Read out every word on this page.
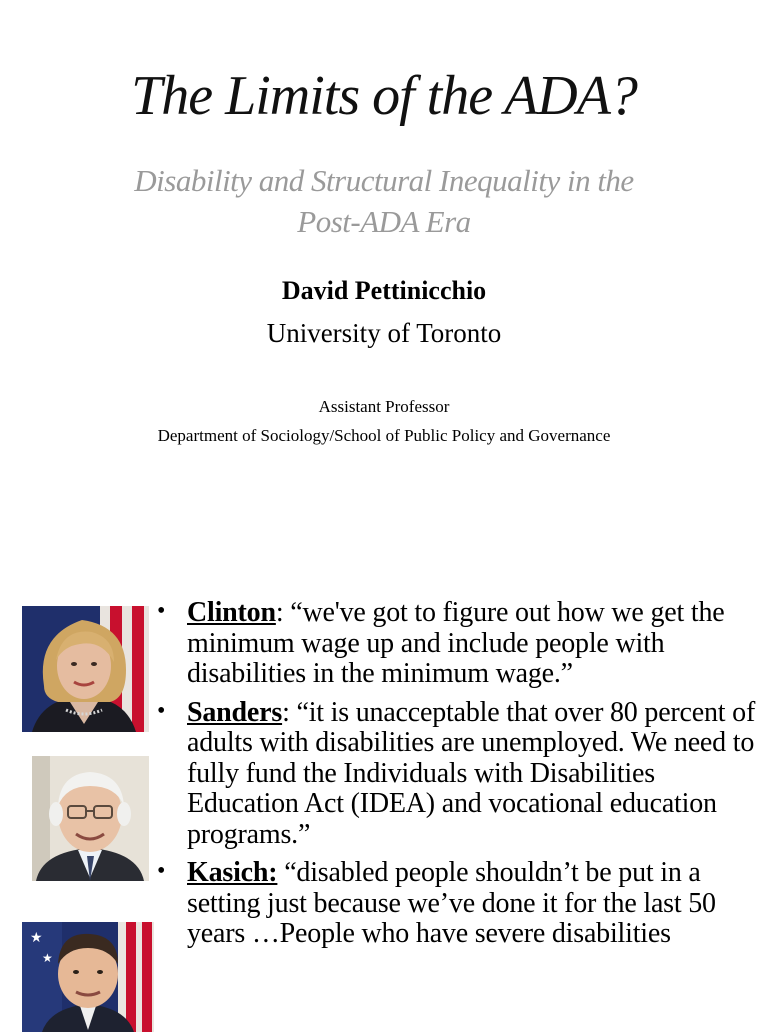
The Limits of the ADA?
Disability and Structural Inequality in the Post-ADA Era
David Pettinicchio
University of Toronto
Assistant Professor
Department of Sociology/School of Public Policy and Governance
★
★

• Clinton: “we've got to figure out how we get the minimum wage up and include people with disabilities in the minimum wage.”

• Sanders: “it is unacceptable that over 80 percent of adults with disabilities are unemployed. We need to fully fund the Individuals with Disabilities Education Act (IDEA) and vocational education programs.”

• Kasich: “disabled people shouldn’t be put in a setting just because we’ve done it for the last 50 years …People who have severe disabilities
